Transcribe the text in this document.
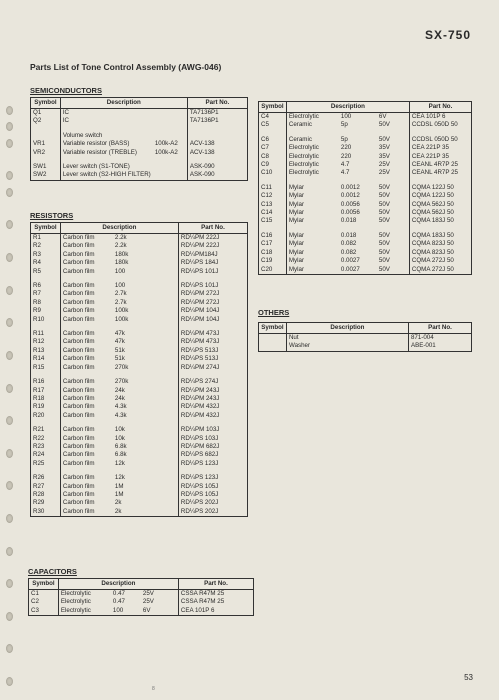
SX-750
Parts List of Tone Control Assembly (AWG-046)
SEMICONDUCTORS
Symbol	Description	Part No.
Q1	IC	TA7136P1
Q2	IC	TA7136P1

	Volume switch	

VR1	Variable resistor (BASS) 100k-A2	ACV-138
VR2	Variable resistor (TREBLE) 100k-A2	ACV-138

SW1	Lever switch (S1-TONE)	ASK-090
SW2	Lever switch (S2-HIGH FILTER)	ASK-090
RESISTORS
Symbol	Description	Part No.
R1	Carbon film 2.2k	RD¼PM 222J
R2	Carbon film 2.2k	RD¼PM 222J
R3	Carbon film 180k	RD¼PM184J
R4	Carbon film 180k	RD¼PS 184J
R5	Carbon film 100	RD¼PS 101J

R6	Carbon film 100	RD¼PS 101J
R7	Carbon film 2.7k	RD¼PM 272J
R8	Carbon film 2.7k	RD¼PM 272J
R9	Carbon film 100k	RD¼PM 104J
R10	Carbon film 100k	RD¼PM 104J

R11	Carbon film 47k	RD¼PM 473J
R12	Carbon film 47k	RD¼PM 473J
R13	Carbon film 51k	RD¼PS 513J
R14	Carbon film 51k	RD¼PS 513J
R15	Carbon film 270k	RD¼PM 274J

R16	Carbon film 270k	RD¼PS 274J
R17	Carbon film 24k	RD¼PM 243J
R18	Carbon film 24k	RD¼PM 243J
R19	Carbon film 4.3k	RD¼PM 432J
R20	Carbon film 4.3k	RD¼PM 432J

R21	Carbon film 10k	RD¼PM 103J
R22	Carbon film 10k	RD¼PS 103J
R23	Carbon film 6.8k	RD¼PM 682J
R24	Carbon film 6.8k	RD¼PS 682J
R25	Carbon film 12k	RD¼PS 123J

R26	Carbon film 12k	RD¼PS 123J
R27	Carbon film 1M	RD¼PS 105J
R28	Carbon film 1M	RD¼PS 105J
R29	Carbon film 2k	RD¼PS 202J
R30	Carbon film 2k	RD¼PS 202J
CAPACITORS
Symbol	Description	Part No.
C1	Electrolytic 0.47 25V	CSSA R47M 25
C2	Electrolytic 0.47 25V	CSSA R47M 25
C3	Electrolytic 100 6V	CEA 101P 6
Symbol	Description	Part No.
C4	Electrolytic 100 6V	CEA 101P 6
C5	Ceramic 5p 50V	CCDSL 050D 50

C6	Ceramic 5p 50V	CCDSL 050D 50
C7	Electrolytic 220 35V	CEA 221P 35
C8	Electrolytic 220 35V	CEA 221P 35
C9	Electrolytic 4.7 25V	CEANL 4R7P 25
C10	Electrolytic 4.7 25V	CEANL 4R7P 25

C11	Mylar 0.0012 50V	CQMA 122J 50
C12	Mylar 0.0012 50V	CQMA 122J 50
C13	Mylar 0.0056 50V	CQMA 562J 50
C14	Mylar 0.0056 50V	CQMA 562J 50
C15	Mylar 0.018 50V	CQMA 183J 50

C16	Mylar 0.018 50V	CQMA 183J 50
C17	Mylar 0.082 50V	CQMA 823J 50
C18	Mylar 0.082 50V	CQMA 823J 50
C19	Mylar 0.0027 50V	CQMA 272J 50
C20	Mylar 0.0027 50V	CQMA 272J 50
OTHERS
Symbol	Description	Part No.

	Nut	871-004

	Washer	ABE-001
53
8
